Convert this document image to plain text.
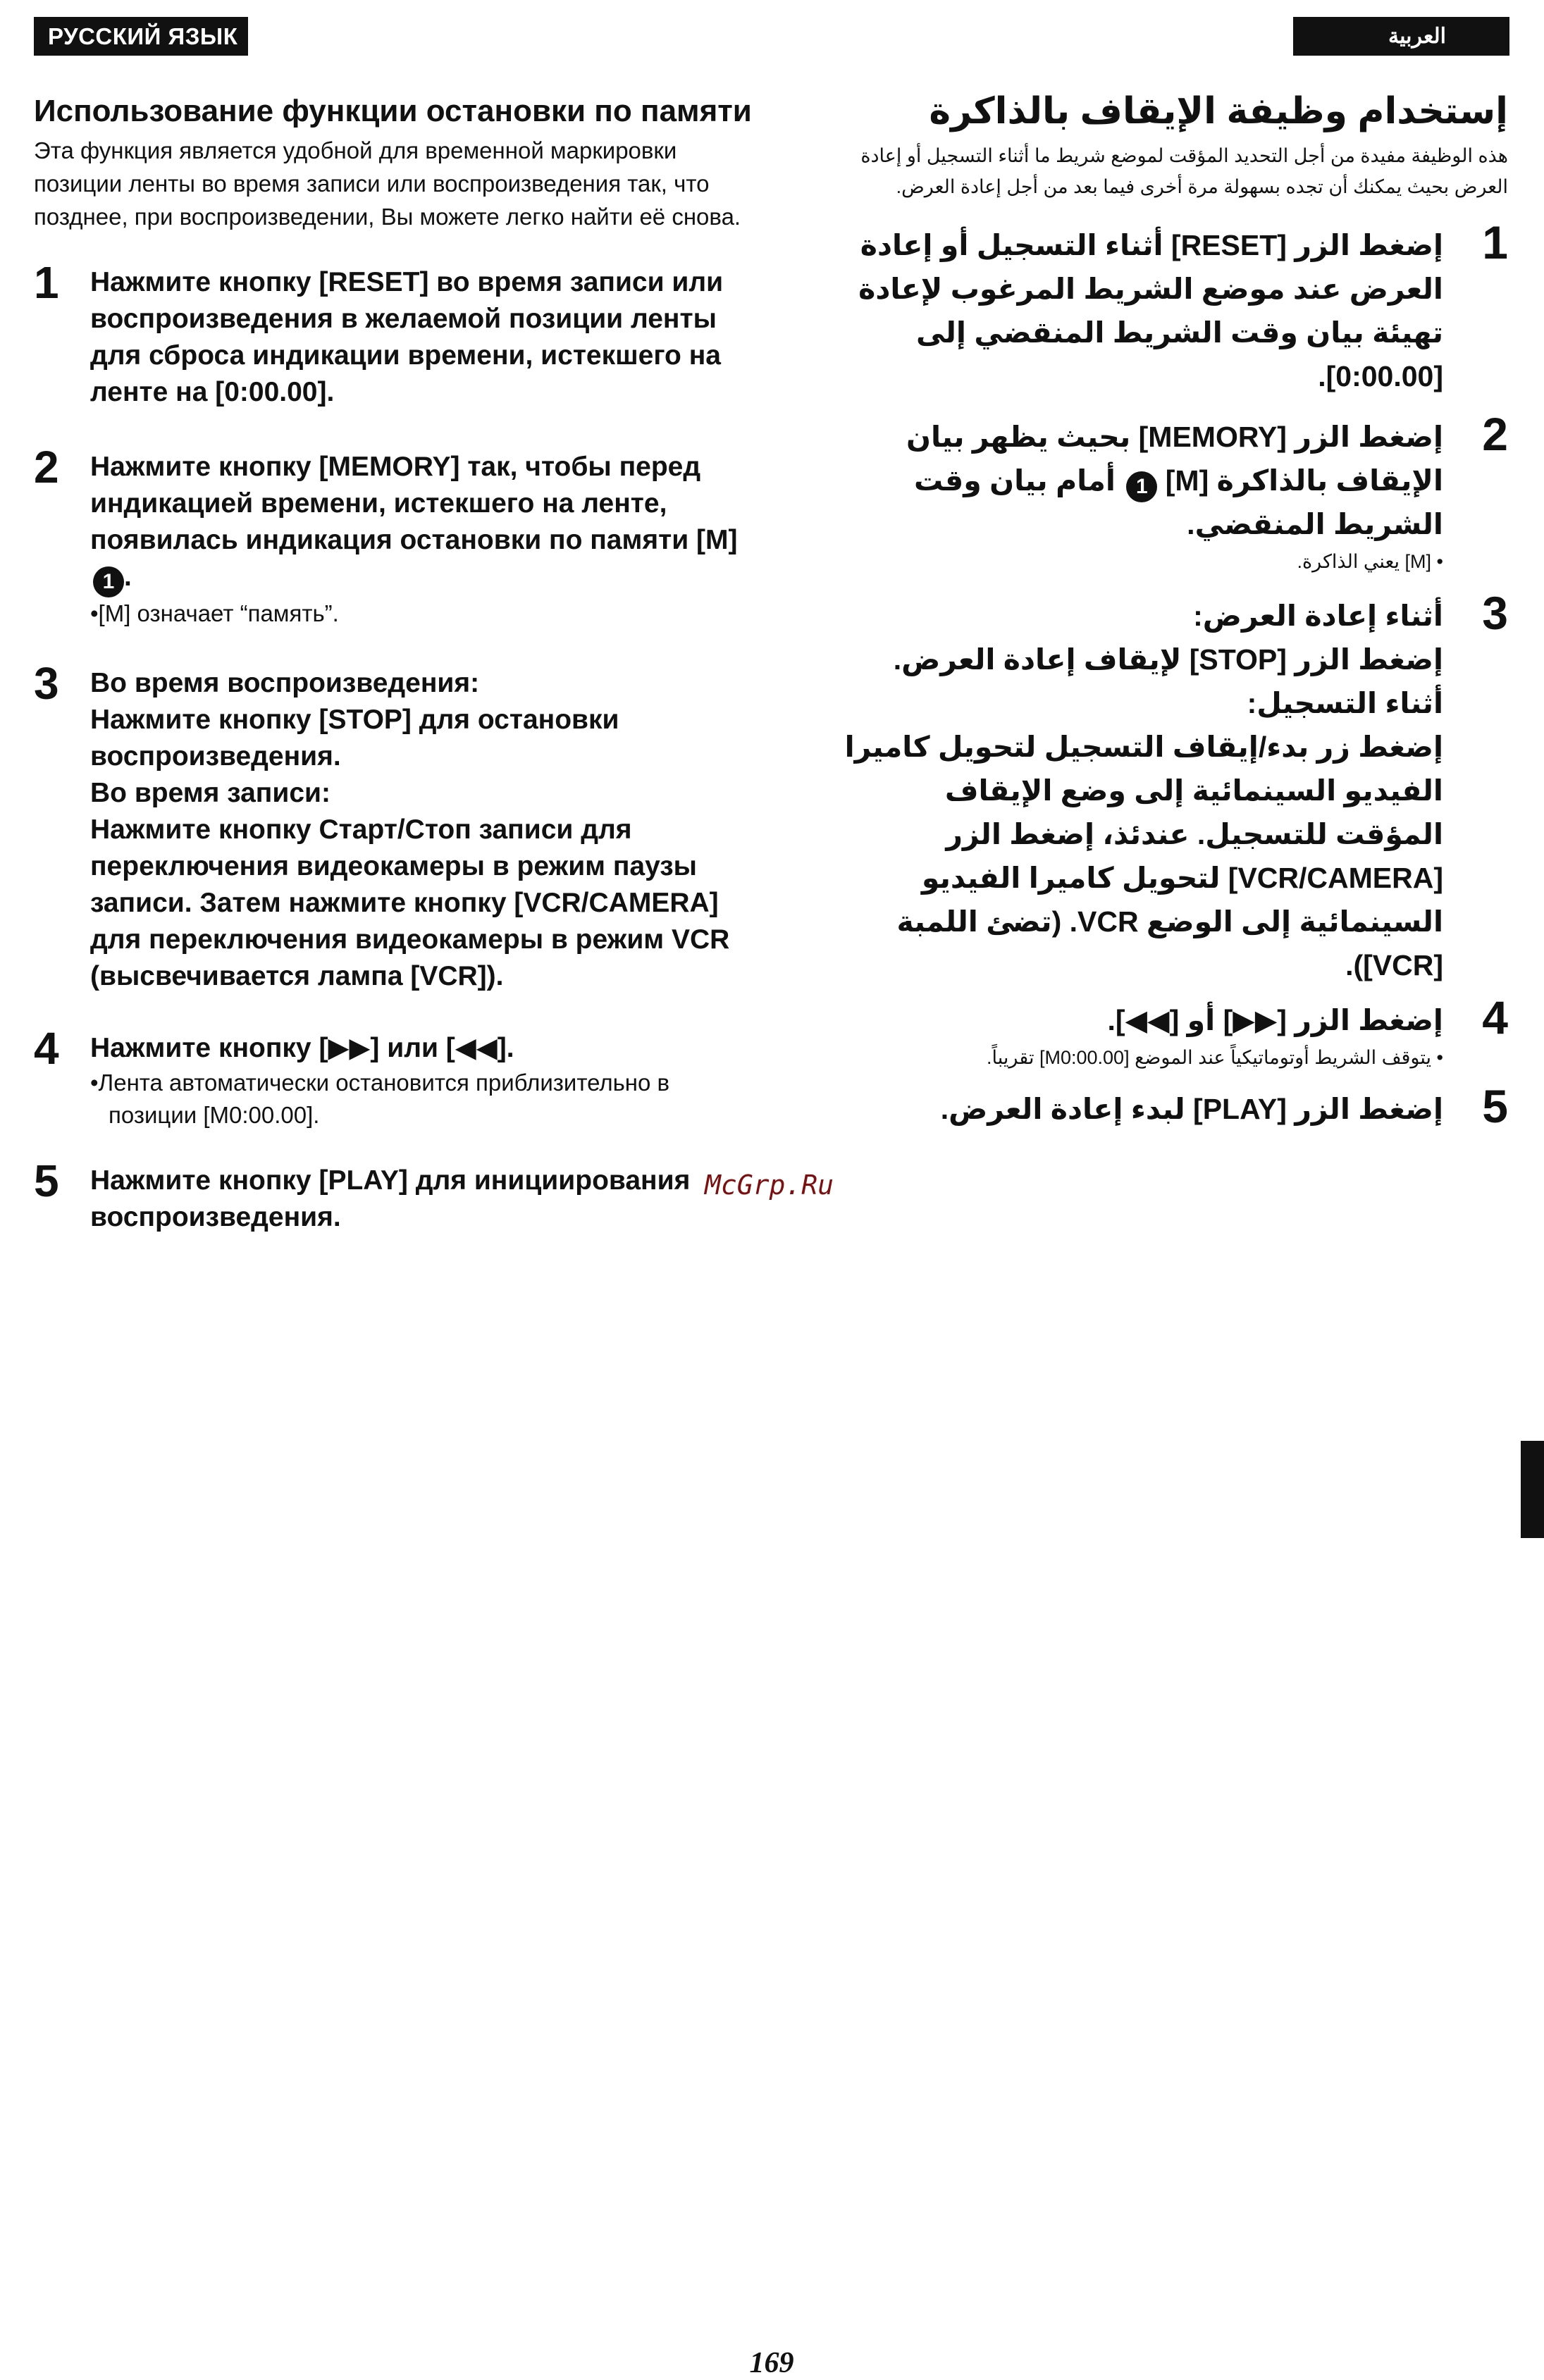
РУССКИЙ ЯЗЫК	العربية
Использование функции остановки по памяти

Эта функция является удобной для временной маркировки позиции ленты во время записи или воспроизведения так, что позднее, при воспроизведении, Вы можете легко найти её снова.

1 Нажмите кнопку [RESET] во время записи или воспроизведения в желаемой позиции ленты для сброса индикации времени, истекшего на ленте на [0:00.00].

2 Нажмите кнопку [MEMORY] так, чтобы перед индикацией времени, истекшего на ленте, появилась индикация остановки по памяти [M] 1 .

•[M] означает “память”.
3 Во время воспроизведения:

Нажмите кнопку [STOP] для остановки воспроизведения.

Во время записи:

Нажмите кнопку Старт/Стоп записи для переключения видеокамеры в режим паузы записи. Затем нажмите кнопку [VCR/CAMERA] для переключения видеокамеры в режим VCR (высвечивается лампа [VCR]).

4 Нажмите кнопку [▶▶] или [◀◀].

•Лента автоматически остановится приблизительно в позиции [M0:00.00].
5 Нажмите кнопку [PLAY] для инициирования воспроизведения.

إستخدام وظيفة الإيقاف بالذاكرة

هذه الوظيفة مفيدة من أجل التحديد المؤقت لموضع شريط ما أثناء التسجيل أو إعادة العرض بحيث يمكنك أن تجده بسهولة مرة أخرى فيما بعد من أجل إعادة العرض.

1

إضغط الزر [RESET] أثناء التسجيل أو إعادة العرض عند موضع الشريط المرغوب لإعادة تهيئة بيان وقت الشريط المنقضي إلى [0:00.00].

2

إضغط الزر [MEMORY] بحيث يظهر بيان الإيقاف بالذاكرة [M] 1 أمام بيان وقت الشريط المنقضي.

• [M] يعني الذاكرة.
3

أثناء إعادة العرض:

إضغط الزر [STOP] لإيقاف إعادة العرض.

أثناء التسجيل:

إضغط زر بدء/إيقاف التسجيل لتحويل كاميرا الفيديو السينمائية إلى وضع الإيقاف المؤقت للتسجيل. عندئذ، إضغط الزر [VCR/CAMERA] لتحويل كاميرا الفيديو السينمائية إلى الوضع VCR. (تضئ اللمبة [VCR]).

4

إضغط الزر [▶▶] أو [◀◀].

• يتوقف الشريط أوتوماتيكياً عند الموضع [M0:00.00] تقريباً.
5

إضغط الزر [PLAY] لبدء إعادة العرض.

McGrp.Ru
169
